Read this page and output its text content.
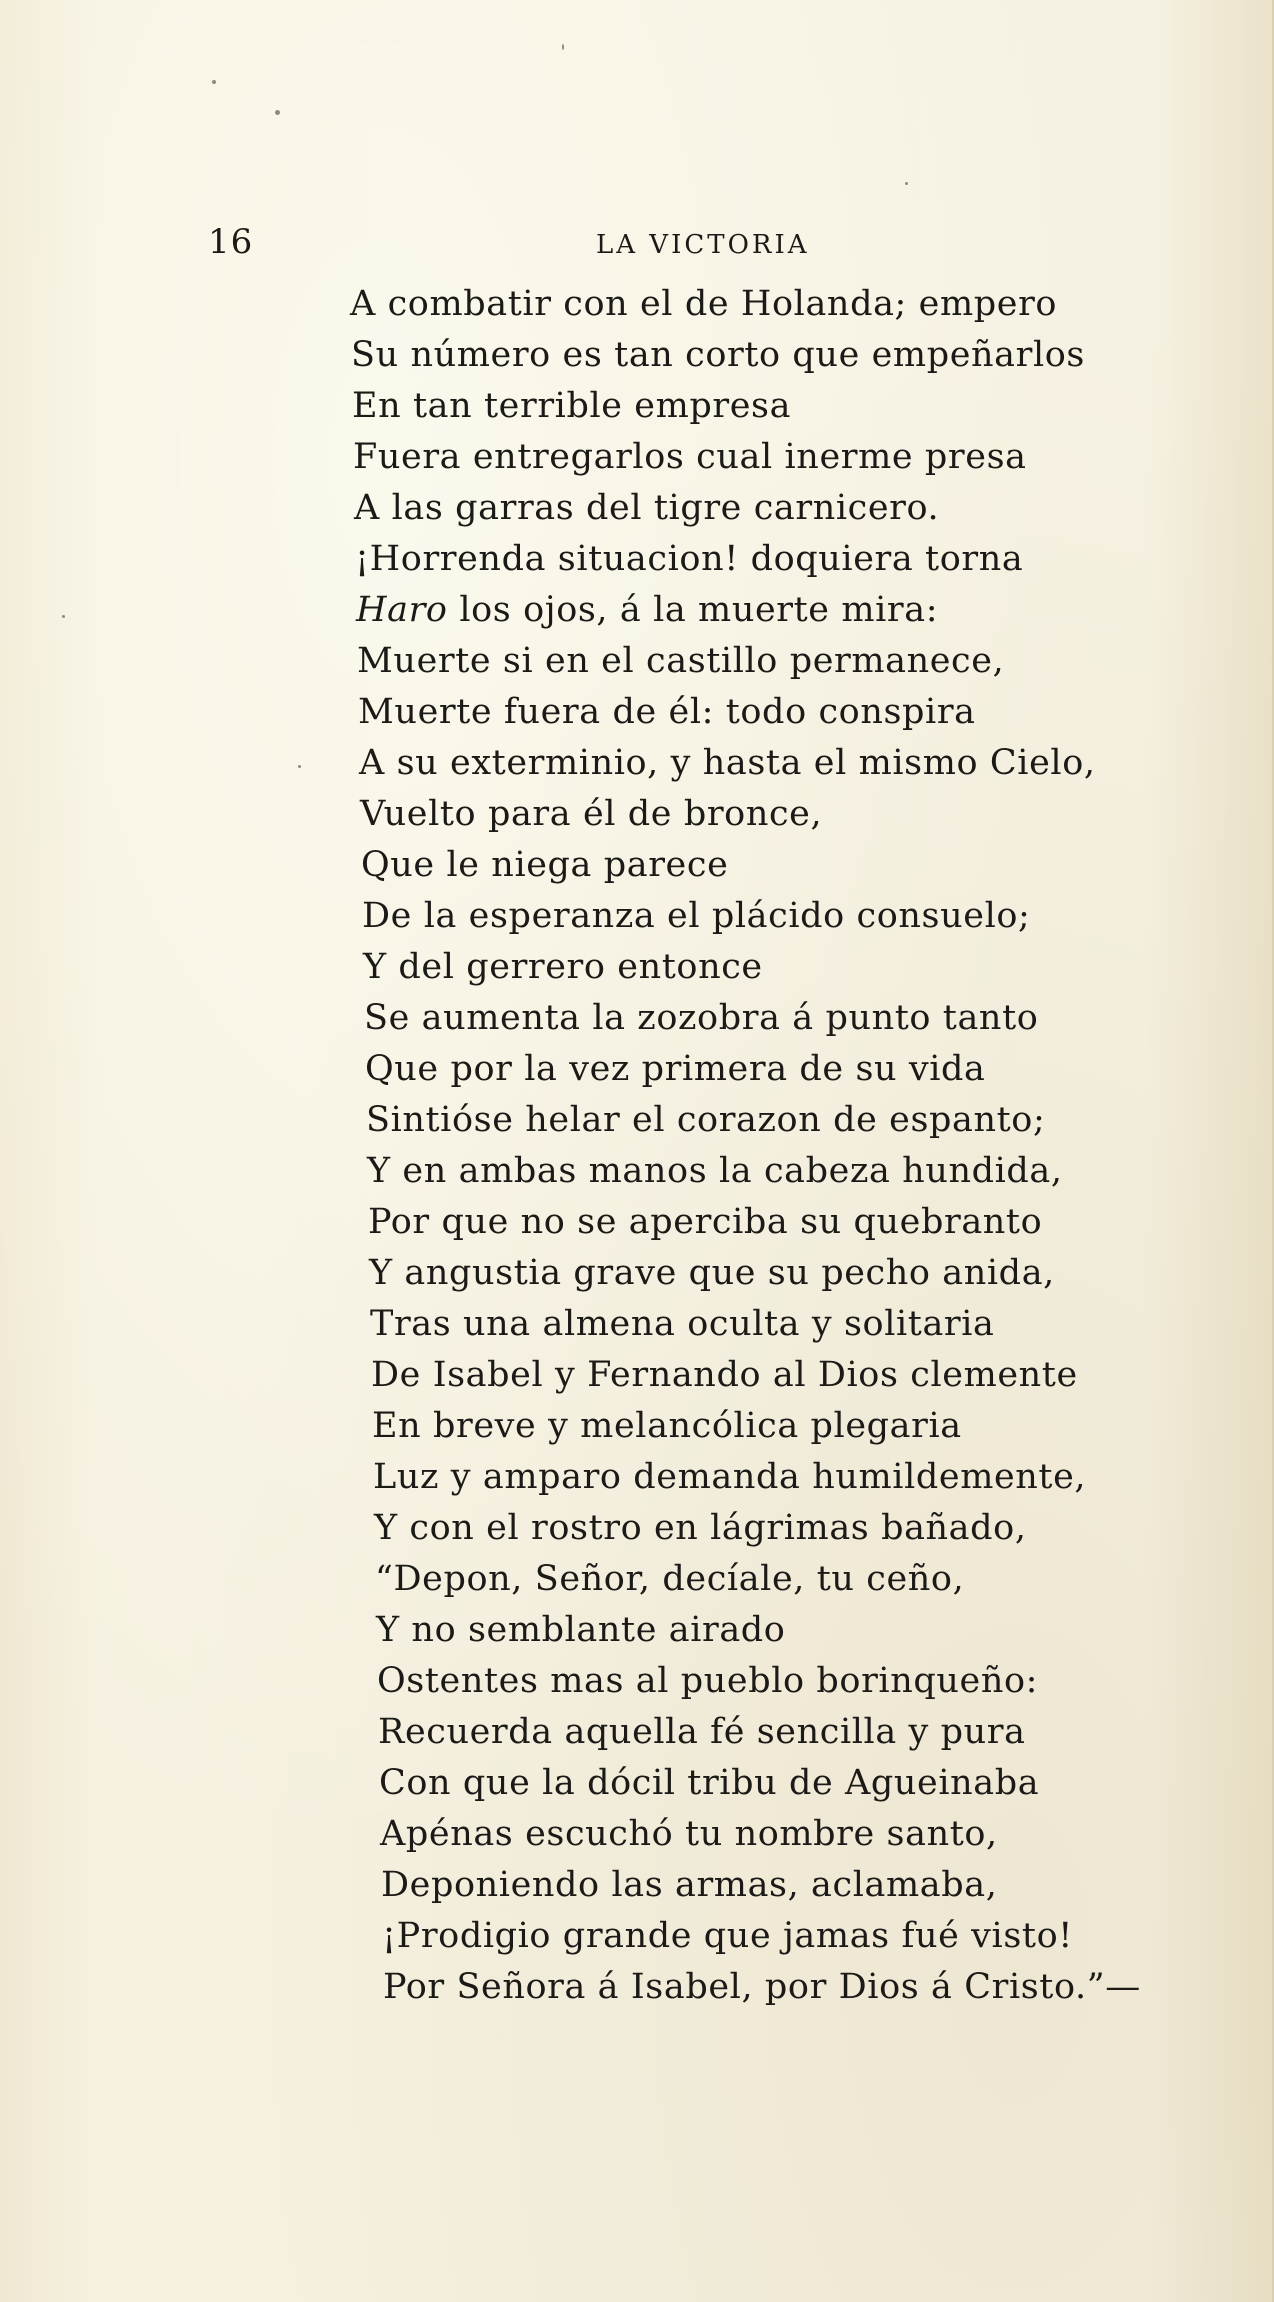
16	LA VICTORIA
A combatir con el de Holanda; empero
Su número es tan corto que empeñarlos
En tan terrible empresa
Fuera entregarlos cual inerme presa
A las garras del tigre carnicero.
¡Horrenda situacion! doquiera torna
Haro los ojos, á la muerte mira:
Muerte si en el castillo permanece,
Muerte fuera de él: todo conspira
A su exterminio, y hasta el mismo Cielo,
Vuelto para él de bronce,
Que le niega parece
De la esperanza el plácido consuelo;
Y del gerrero entonce
Se aumenta la zozobra á punto tanto
Que por la vez primera de su vida
Sintióse helar el corazon de espanto;
Y en ambas manos la cabeza hundida,
Por que no se aperciba su quebranto
Y angustia grave que su pecho anida,
Tras una almena oculta y solitaria
De Isabel y Fernando al Dios clemente
En breve y melancólica plegaria
Luz y amparo demanda humildemente,
Y con el rostro en lágrimas bañado,
“Depon, Señor, decíale, tu ceño,
Y no semblante airado
Ostentes mas al pueblo borinqueño:
Recuerda aquella fé sencilla y pura
Con que la dócil tribu de Agueinaba
Apénas escuchó tu nombre santo,
Deponiendo las armas, aclamaba,
¡Prodigio grande que jamas fué visto!
Por Señora á Isabel, por Dios á Cristo.”—
